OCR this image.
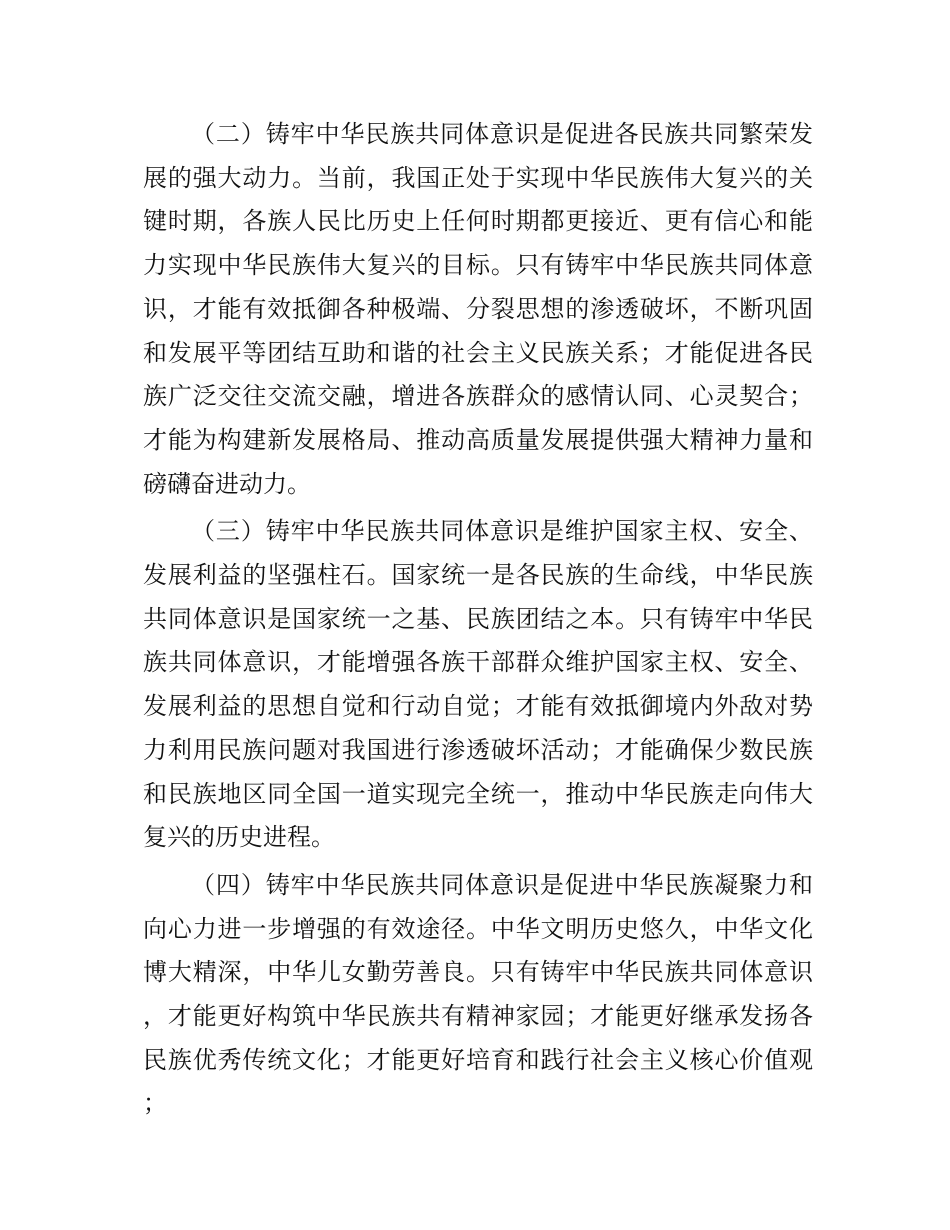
（二）铸牢中华民族共同体意识是促进各民族共同繁荣发展的强大动力。当前，我国正处于实现中华民族伟大复兴的关键时期，各族人民比历史上任何时期都更接近、更有信心和能力实现中华民族伟大复兴的目标。只有铸牢中华民族共同体意识，才能有效抵御各种极端、分裂思想的渗透破坏，不断巩固和发展平等团结互助和谐的社会主义民族关系；才能促进各民族广泛交往交流交融，增进各族群众的感情认同、心灵契合；才能为构建新发展格局、推动高质量发展提供强大精神力量和磅礴奋进动力。

（三）铸牢中华民族共同体意识是维护国家主权、安全、发展利益的坚强柱石。国家统一是各民族的生命线，中华民族共同体意识是国家统一之基、民族团结之本。只有铸牢中华民族共同体意识，才能增强各族干部群众维护国家主权、安全、发展利益的思想自觉和行动自觉；才能有效抵御境内外敌对势力利用民族问题对我国进行渗透破坏活动；才能确保少数民族和民族地区同全国一道实现完全统一，推动中华民族走向伟大复兴的历史进程。

（四）铸牢中华民族共同体意识是促进中华民族凝聚力和向心力进一步增强的有效途径。中华文明历史悠久，中华文化博大精深，中华儿女勤劳善良。只有铸牢中华民族共同体意识，才能更好构筑中华民族共有精神家园；才能更好继承发扬各民族优秀传统文化；才能更好培育和践行社会主义核心价值观；
